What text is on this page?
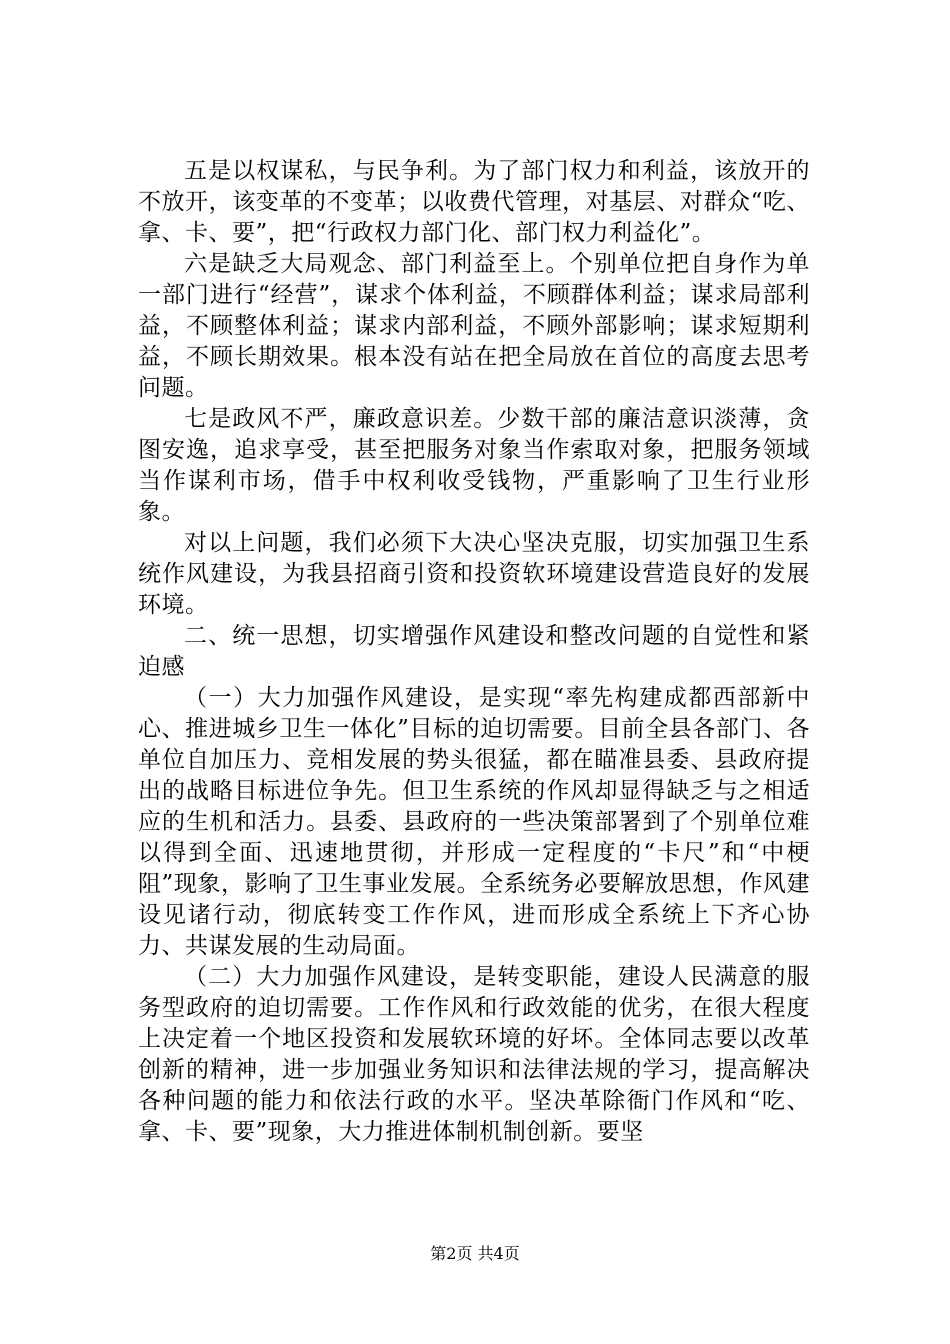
五是以权谋私，与民争利。为了部门权力和利益，该放开的不放开，该变革的不变革；以收费代管理，对基层、对群众“吃、拿、卡、要”，把“行政权力部门化、部门权力利益化”。

六是缺乏大局观念、部门利益至上。个别单位把自身作为单一部门进行“经营”，谋求个体利益，不顾群体利益；谋求局部利益，不顾整体利益；谋求内部利益，不顾外部影响；谋求短期利益，不顾长期效果。根本没有站在把全局放在首位的高度去思考问题。

七是政风不严，廉政意识差。少数干部的廉洁意识淡薄，贪图安逸，追求享受，甚至把服务对象当作索取对象，把服务领域当作谋利市场，借手中权利收受钱物，严重影响了卫生行业形象。

对以上问题，我们必须下大决心坚决克服，切实加强卫生系统作风建设，为我县招商引资和投资软环境建设营造良好的发展环境。

二、统一思想，切实增强作风建设和整改问题的自觉性和紧迫感

（一）大力加强作风建设，是实现“率先构建成都西部新中心、推进城乡卫生一体化”目标的迫切需要。目前全县各部门、各单位自加压力、竞相发展的势头很猛，都在瞄准县委、县政府提出的战略目标进位争先。但卫生系统的作风却显得缺乏与之相适应的生机和活力。县委、县政府的一些决策部署到了个别单位难以得到全面、迅速地贯彻，并形成一定程度的“卡尺”和“中梗阻”现象，影响了卫生事业发展。全系统务必要解放思想，作风建设见诸行动，彻底转变工作作风，进而形成全系统上下齐心协力、共谋发展的生动局面。

（二）大力加强作风建设，是转变职能，建设人民满意的服务型政府的迫切需要。工作作风和行政效能的优劣，在很大程度上决定着一个地区投资和发展软环境的好坏。全体同志要以改革创新的精神，进一步加强业务知识和法律法规的学习，提高解决各种问题的能力和依法行政的水平。坚决革除衙门作风和“吃、拿、卡、要”现象，大力推进体制机制创新。要坚

第2页 共4页
